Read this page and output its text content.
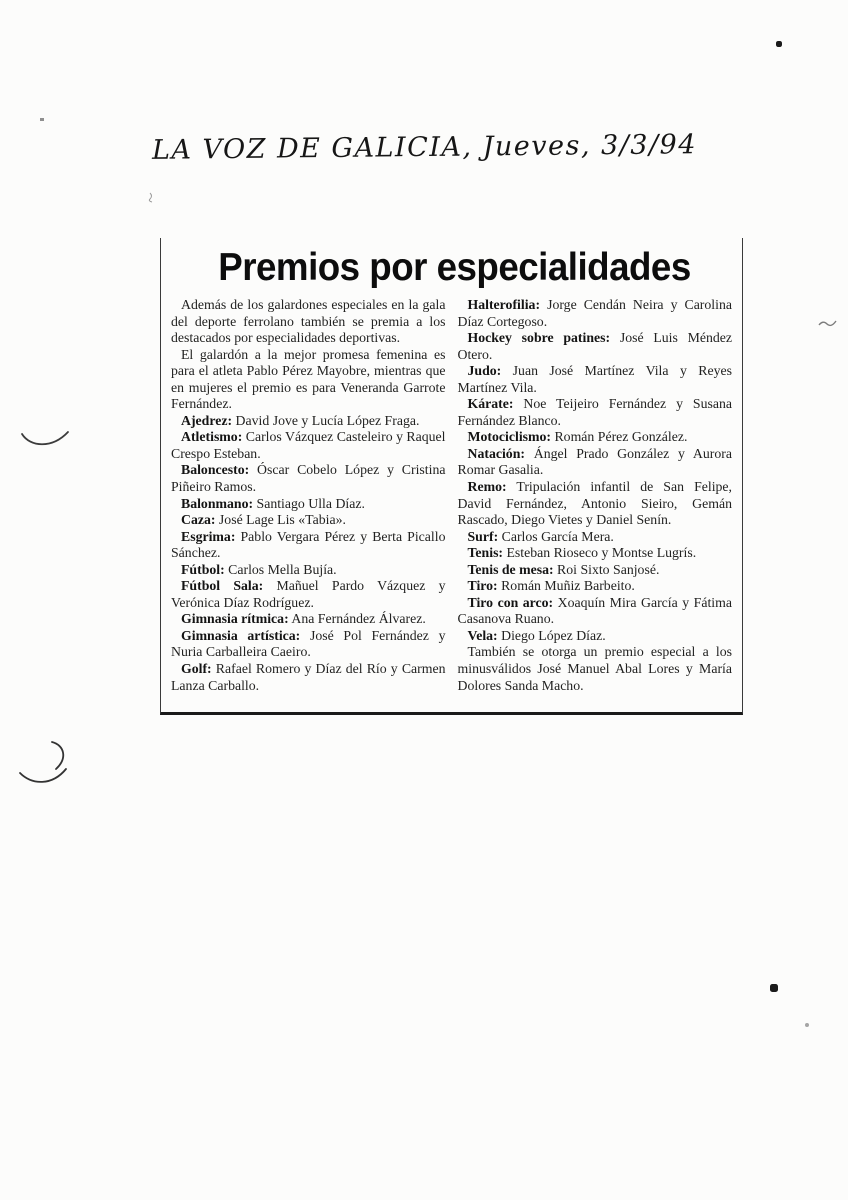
LA VOZ DE GALICIA, Jueves, 3/3/94
Premios por especialidades

Además de los galardones especiales en la gala del deporte ferrolano también se premia a los destacados por especialidades deportivas.

El galardón a la mejor promesa femenina es para el atleta Pablo Pérez Mayobre, mientras que en mujeres el premio es para Veneranda Garrote Fernández.

Ajedrez: David Jove y Lucía López Fraga.

Atletismo: Carlos Vázquez Casteleiro y Raquel Crespo Esteban.

Baloncesto: Óscar Cobelo López y Cristina Piñeiro Ramos.

Balonmano: Santiago Ulla Díaz.

Caza: José Lage Lis «Tabia».

Esgrima: Pablo Vergara Pérez y Berta Picallo Sánchez.

Fútbol: Carlos Mella Bujía.

Fútbol Sala: Mañuel Pardo Vázquez y Verónica Díaz Rodríguez.

Gimnasia rítmica: Ana Fernández Álvarez.

Gimnasia artística: José Pol Fernández y Nuria Carballeira Caeiro.

Golf: Rafael Romero y Díaz del Río y Carmen Lanza Carballo.

Halterofilia: Jorge Cendán Neira y Carolina Díaz Cortegoso.

Hockey sobre patines: José Luis Méndez Otero.

Judo: Juan José Martínez Vila y Reyes Martínez Vila.

Kárate: Noe Teijeiro Fernández y Susana Fernández Blanco.

Motociclismo: Román Pérez González.

Natación: Ángel Prado González y Aurora Romar Gasalia.

Remo: Tripulación infantil de San Felipe, David Fernández, Antonio Sieiro, Gemán Rascado, Diego Vietes y Daniel Senín.

Surf: Carlos García Mera.

Tenis: Esteban Rioseco y Montse Lugrís.

Tenis de mesa: Roi Sixto Sanjosé.

Tiro: Román Muñiz Barbeito.

Tiro con arco: Xoaquín Mira García y Fátima Casanova Ruano.

Vela: Diego López Díaz.

También se otorga un premio especial a los minusválidos José Manuel Abal Lores y María Dolores Sanda Macho.
